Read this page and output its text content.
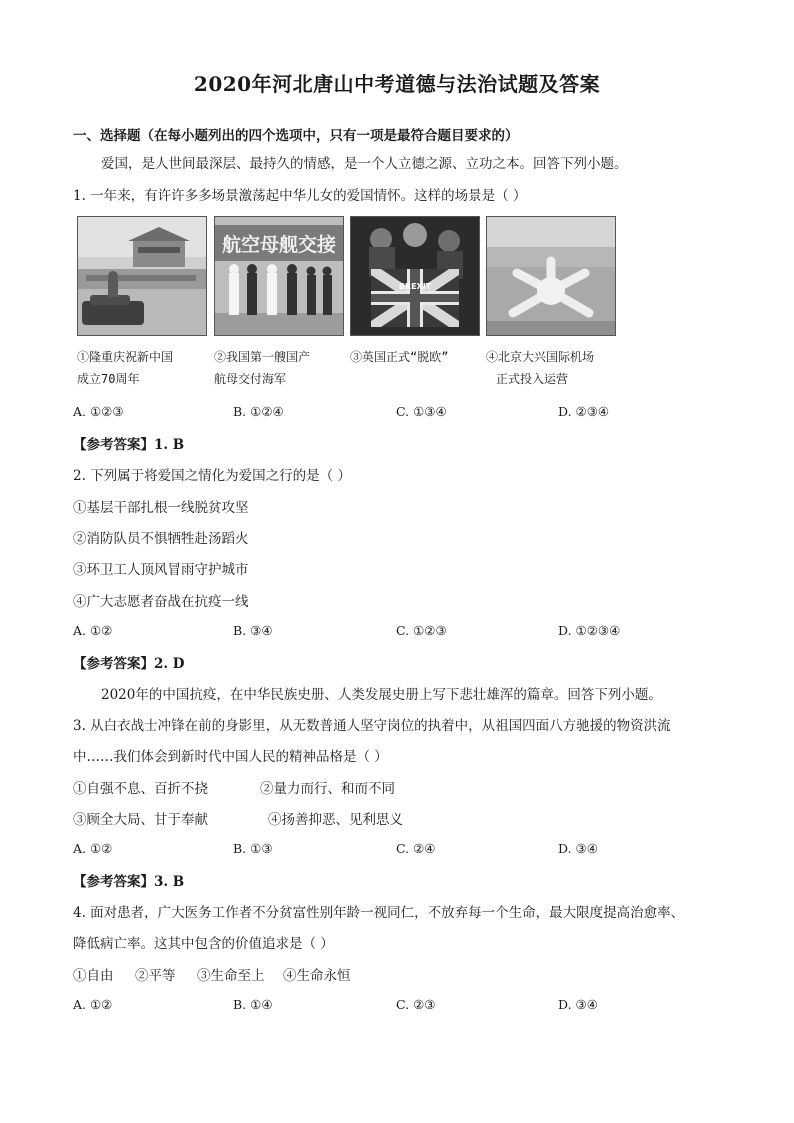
2020年河北唐山中考道德与法治试题及答案
一、选择题（在每小题列出的四个选项中，只有一项是最符合题目要求的）
爱国，是人世间最深层、最持久的情感，是一个人立德之源、立功之本。回答下列小题。
1. 一年来，有许许多多场景激荡起中华儿女的爱国情怀。这样的场景是（ ）
航空母舰交接
BREXIT
①隆重庆祝新中国
成立70周年
②我国第一艘国产
航母交付海军
③英国正式“脱欧”	④北京大兴国际机场
正式投入运营
A. ①②③	B. ①②④	C. ①③④	D. ②③④
【参考答案】1. B
2. 下列属于将爱国之情化为爱国之行的是（ ）
①基层干部扎根一线脱贫攻坚
②消防队员不惧牺牲赴汤蹈火
③环卫工人顶风冒雨守护城市
④广大志愿者奋战在抗疫一线
A. ①②	B. ③④	C. ①②③	D. ①②③④
【参考答案】2. D
2020年的中国抗疫，在中华民族史册、人类发展史册上写下悲壮雄浑的篇章。回答下列小题。
3. 从白衣战士冲锋在前的身影里，从无数普通人坚守岗位的执着中，从祖国四面八方驰援的物资洪流
中……我们体会到新时代中国人民的精神品格是（ ）
①自强不息、百折不挠	②量力而行、和而不同
③顾全大局、甘于奉献	④扬善抑恶、见利思义
A. ①②	B. ①③	C. ②④	D. ③④
【参考答案】3. B
4. 面对患者，广大医务工作者不分贫富性别年龄一视同仁，不放弃每一个生命，最大限度提高治愈率、
降低病亡率。这其中包含的价值追求是（ ）
①自由 ②平等 ③生命至上 ④生命永恒
A. ①②	B. ①④	C. ②③	D. ③④
